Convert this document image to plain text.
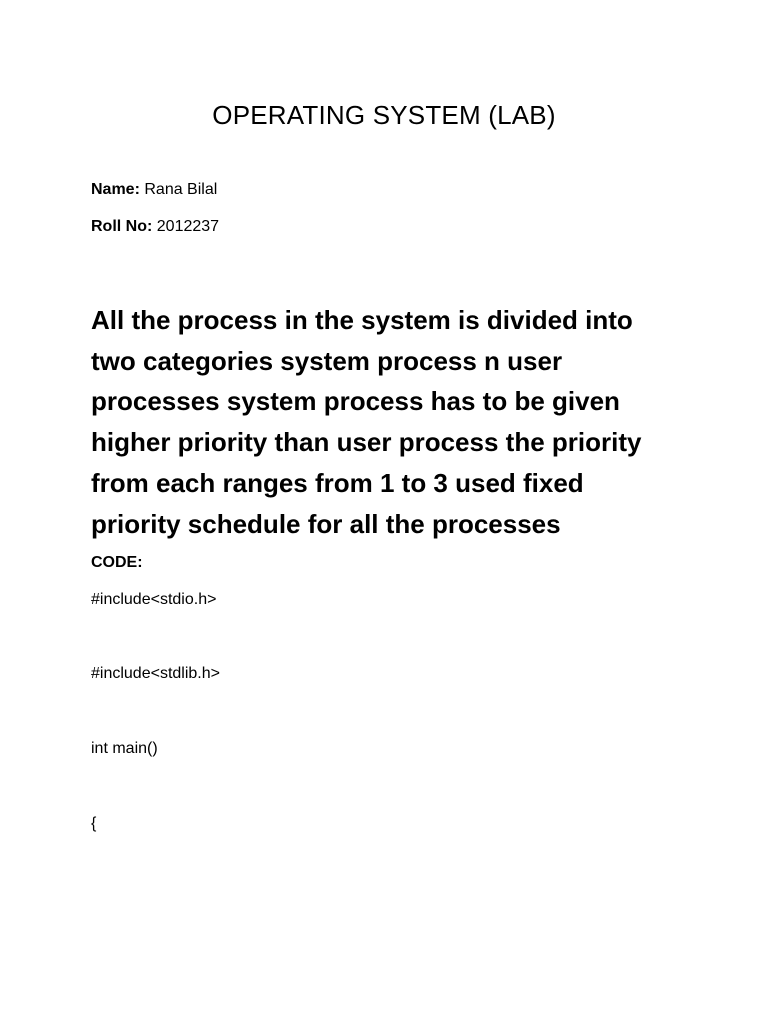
OPERATING SYSTEM (LAB)
Name: Rana Bilal
Roll No: 2012237
All the process in the system is divided into
two categories system process n user
processes system process has to be given
higher priority than user process the priority
from each ranges from 1 to 3 used fixed
priority schedule for all the processes
CODE:
#include<stdio.h>
#include<stdlib.h>
int main()
{
